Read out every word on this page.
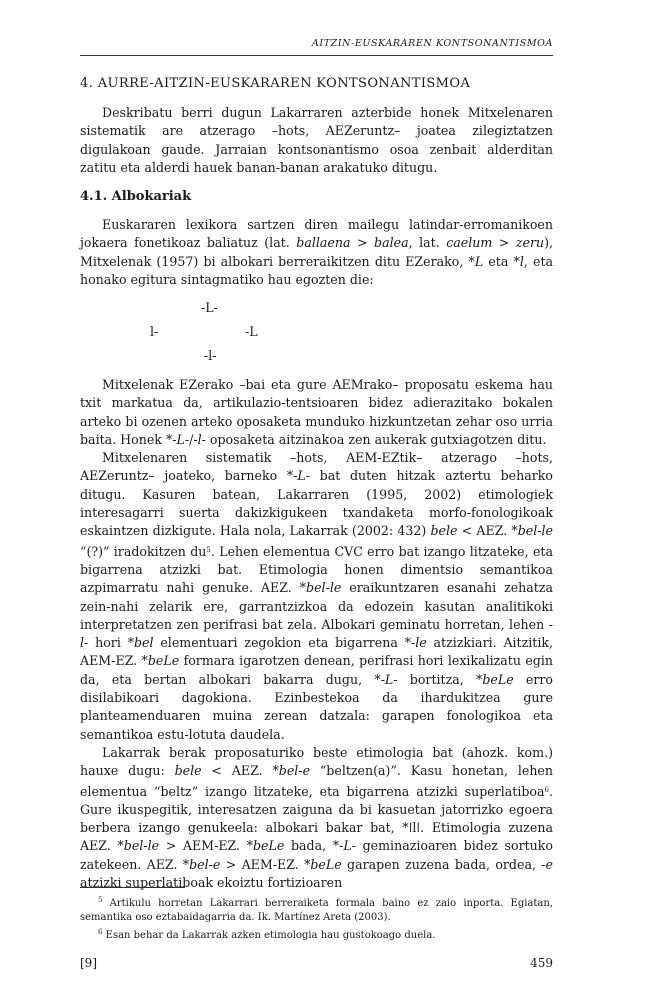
AITZIN-EUSKARAREN KONTSONANTISMOA
4. AURRE-AITZIN-EUSKARAREN KONTSONANTISMOA

Deskribatu berri dugun Lakarraren azterbide honek Mitxelenaren sistematik are atzerago –hots, AEZeruntz– joatea zilegiztatzen digulakoan gaude. Jarraian kontsonantismo osoa zenbait alderditan zatitu eta alderdi hauek banan-banan arakatuko ditugu.

4.1. Albokariak

Euskararen lexikora sartzen diren mailegu latindar-erromanikoen jokaera fonetikoaz baliatuz (lat. ballaena > balea, lat. caelum > zeru), Mitxelenak (1957) bi albokari berreraikitzen ditu EZerako, *L eta *l, eta honako egitura sintagmatiko hau egozten die:

-L-
l-	-L
-l-

Mitxelenak EZerako –bai eta gure AEMrako– proposatu eskema hau txit markatua da, artikulazio-tentsioaren bidez adierazitako bokalen arteko bi ozenen arteko oposaketa munduko hizkuntzetan zehar oso urria baita. Honek *-L-/-l- oposaketa aitzinakoa zen aukerak gutxiagotzen ditu.

Mitxelenaren sistematik –hots, AEM-EZtik– atzerago –hots, AEZeruntz– joateko, barneko *-L- bat duten hitzak aztertu beharko ditugu. Kasuren batean, Lakarraren (1995, 2002) etimologiek interesagarri suerta dakizkigukeen txandaketa morfo-fonologikoak eskaintzen dizkigute. Hala nola, Lakarrak (2002: 432) bele < AEZ. *bel-le “(?)” iradokitzen $du^5$. Lehen elementua CVC erro bat izango litzateke, eta bigarrena atzizki bat. Etimologia honen dimentsio semantikoa azpimarratu nahi genuke. AEZ. *bel-le eraikuntzaren esanahi zehatza zein-nahi zelarik ere, garrantzizkoa da edozein kasutan analitikoki interpretatzen zen perifrasi bat zela. Albokari geminatu horretan, lehen -l- hori *bel elementuari zegokion eta bigarrena *-le atzizkiari. Aitzitik, AEM-EZ. *beLe formara igarotzen denean, perifrasi hori lexikalizatu egin da, eta bertan albokari bakarra dugu, *-L- bortitza, *beLe erro disilabikoari dagokiona. Ezinbestekoa da ihardukitzea gure planteamenduaren muina zerean datzala: garapen fonologikoa eta semantikoa estu-lotuta daudela.

Lakarrak berak proposaturiko beste etimologia bat (ahozk. kom.) hauxe dugu: bele < AEZ. *bel-e “beltzen(a)”. Kasu honetan, lehen elementua “beltz” izango litzateke, eta bigarrena atzizki superlatiboa$^6$. Gure ikuspegitik, interesatzen zaiguna da bi kasuetan jatorrizko egoera berbera izango genukeela: albokari bakar bat, *ǀlǀ. Etimologia zuzena AEZ. *bel-le > AEM-EZ. *beLe bada, *-L- geminazioaren bidez sortuko zatekeen. AEZ. *bel-e > AEM-EZ. *beLe garapen zuzena bada, ordea, -e atzizki superlatiboak ekoiztu fortizioaren

$^5$ Artikulu horretan Lakarrari berreraiketa formala baino ez zaio inporta. Egiatan, semantika oso eztabaidagarria da. Ik. Martínez Areta (2003).

$^6$ Esan behar da Lakarrak azken etimologia hau gustokoago duela.

[9]	459
